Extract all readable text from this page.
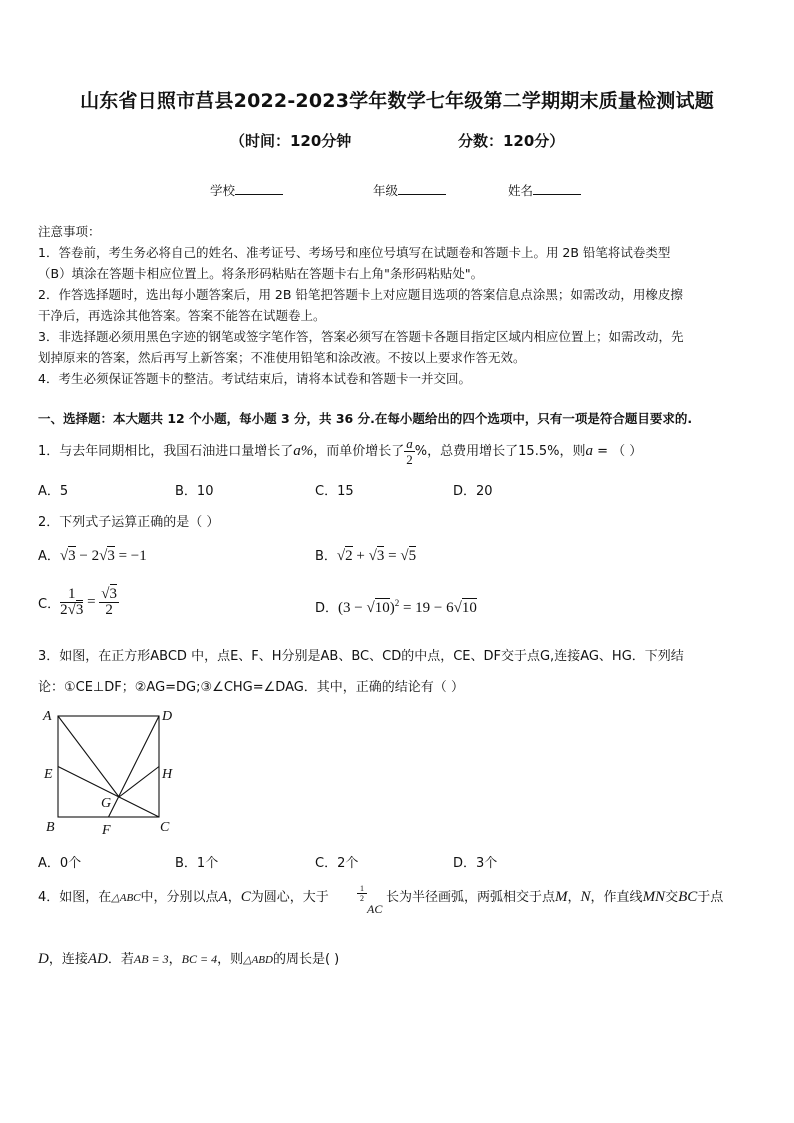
山东省日照市莒县2022-2023学年数学七年级第二学期期末质量检测试题
（时间：120分钟	分数：120分）
学校	年级	姓名
注意事项：
1．答卷前，考生务必将自己的姓名、准考证号、考场号和座位号填写在试题卷和答题卡上。用 2B 铅笔将试卷类型
（B）填涂在答题卡相应位置上。将条形码粘贴在答题卡右上角"条形码粘贴处"。
2．作答选择题时，选出每小题答案后，用 2B 铅笔把答题卡上对应题目选项的答案信息点涂黑；如需改动，用橡皮擦
干净后，再选涂其他答案。答案不能答在试题卷上。
3．非选择题必须用黑色字迹的钢笔或签字笔作答，答案必须写在答题卡各题目指定区域内相应位置上；如需改动，先
划掉原来的答案，然后再写上新答案；不准使用铅笔和涂改液。不按以上要求作答无效。
4．考生必须保证答题卡的整洁。考试结束后，请将本试卷和答题卡一并交回。
一、选择题：本大题共 12 个小题，每小题 3 分，共 36 分.在每小题给出的四个选项中，只有一项是符合题目要求的.
1．与去年同期相比，我国石油进口量增长了a%，而单价增长了 $\frac{a}{2}$ %，总费用增长了15.5%，则a = （ ）
A．5	B．10	C．15	D．20
2．下列式子运算正确的是（ ）
A．√3 − 2√3 = −1	B．√2 + √3 = √5
C． $\frac{1}{2√3} = \frac{√3}{2}$	D．$(3 - √10)^2 = 19 - 6√10$
3．如图，在正方形ABCD 中，点E、F、H分别是AB、BC、CD的中点，CE、DF交于点G,连接AG、HG．下列结
论：①CE⊥DF；②AG=DG;③∠CHG=∠DAG．其中，正确的结论有（ ）
A	D
E	H
G
B	F	C
A．0个	B．1个	C．2个	D．3个
4．如图，在△ABC中，分别以点A，C为圆心，大于	$\frac{1}{2}$
AC
长为半径画弧，两弧相交于点M，N，作直线MN交BC于点
D，连接AD．若AB = 3，BC = 4，则△ABD的周长是( )
